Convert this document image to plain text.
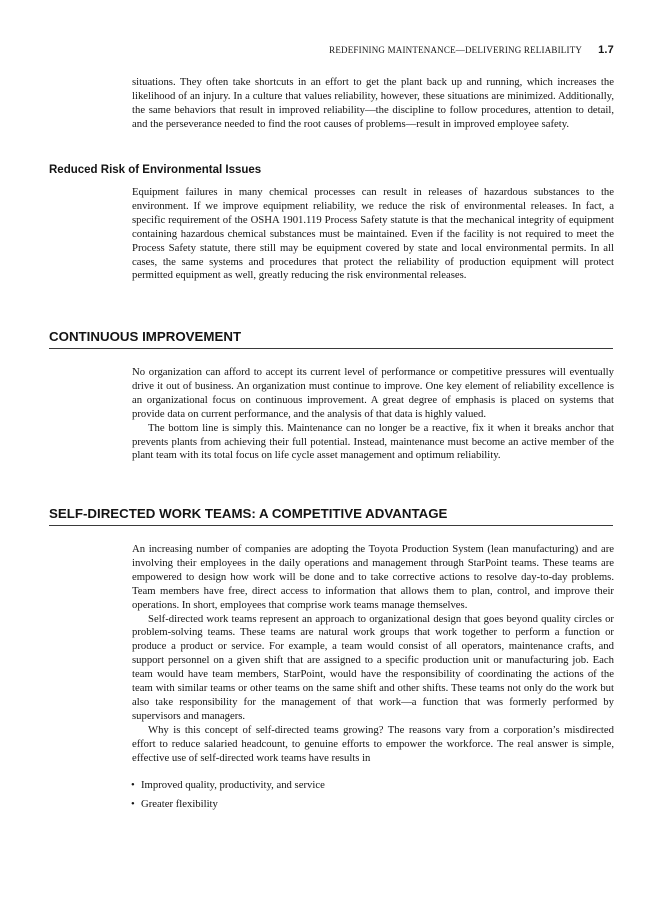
REDEFINING MAINTENANCE—DELIVERING RELIABILITY 1.7

situations. They often take shortcuts in an effort to get the plant back up and running, which increases the likelihood of an injury. In a culture that values reliability, however, these situations are minimized. Additionally, the same behaviors that result in improved reliability—the discipline to follow procedures, attention to detail, and the perseverance needed to find the root causes of problems—result in improved employee safety.

Reduced Risk of Environmental Issues

Equipment failures in many chemical processes can result in releases of hazardous substances to the environment. If we improve equipment reliability, we reduce the risk of environmental releases. In fact, a specific requirement of the OSHA 1901.119 Process Safety statute is that the mechanical integrity of equipment containing hazardous chemical substances must be maintained. Even if the facility is not required to meet the Process Safety statute, there still may be equipment covered by state and local environmental permits. In all cases, the same systems and procedures that protect the reliability of production equipment will protect permitted equipment as well, greatly reducing the risk environmental releases.

CONTINUOUS IMPROVEMENT

No organization can afford to accept its current level of performance or competitive pressures will eventually drive it out of business. An organization must continue to improve. One key element of reliability excellence is an organizational focus on continuous improvement. A great degree of emphasis is placed on systems that provide data on current performance, and the analysis of that data is highly valued.

The bottom line is simply this. Maintenance can no longer be a reactive, fix it when it breaks anchor that prevents plants from achieving their full potential. Instead, maintenance must become an active member of the plant team with its total focus on life cycle asset management and optimum reliability.

SELF-DIRECTED WORK TEAMS: A COMPETITIVE ADVANTAGE

An increasing number of companies are adopting the Toyota Production System (lean manufacturing) and are involving their employees in the daily operations and management through StarPoint teams. These teams are empowered to design how work will be done and to take corrective actions to resolve day-to-day problems. Team members have free, direct access to information that allows them to plan, control, and improve their operations. In short, employees that comprise work teams manage themselves.

Self-directed work teams represent an approach to organizational design that goes beyond quality circles or problem-solving teams. These teams are natural work groups that work together to perform a function or produce a product or service. For example, a team would consist of all operators, maintenance crafts, and support personnel on a given shift that are assigned to a specific production unit or manufacturing job. Each team would have team members, StarPoint, would have the responsibility of coordinating the actions of the team with similar teams or other teams on the same shift and other shifts. These teams not only do the work but also take responsibility for the management of that work—a function that was formerly performed by supervisors and managers.

Why is this concept of self-directed teams growing? The reasons vary from a corporation’s misdirected effort to reduce salaried headcount, to genuine efforts to empower the workforce. The real answer is simple, effective use of self-directed work teams have results in

• Improved quality, productivity, and service
• Greater flexibility
